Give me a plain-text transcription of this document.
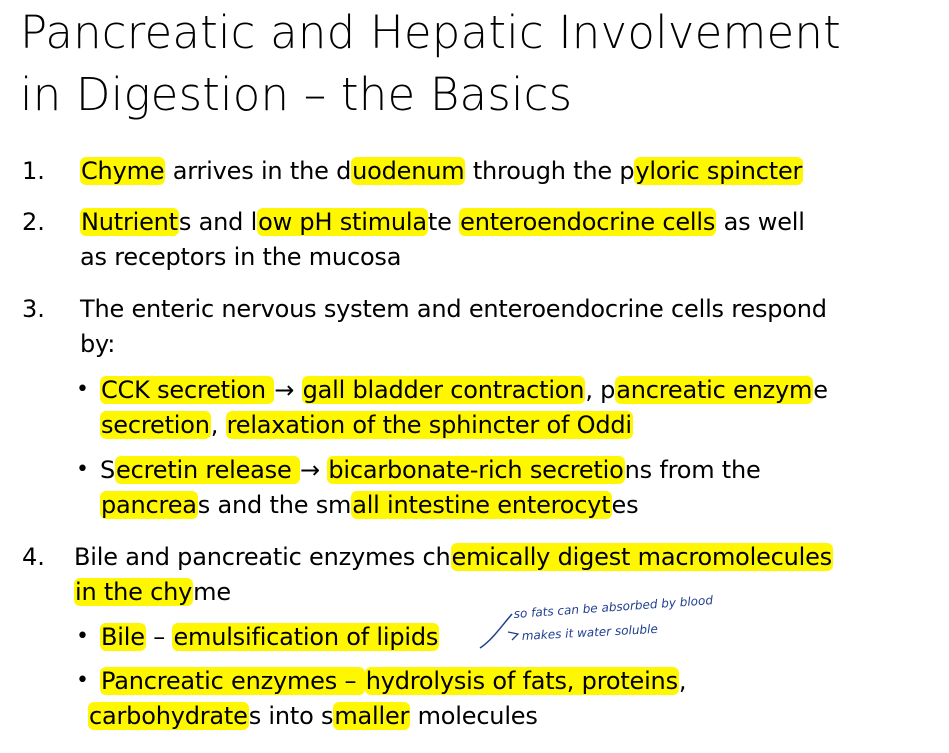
Pancreatic and Hepatic Involvement
in Digestion – the Basics
1. Chyme arrives in the duodenum through the pyloric spincter
2. Nutrients and low pH stimulate enteroendocrine cells as well
as receptors in the mucosa
3. The enteric nervous system and enteroendocrine cells respond
by:
• CCK secretion → gall bladder contraction, pancreatic enzyme
secretion, relaxation of the sphincter of Oddi
• Secretin release → bicarbonate-rich secretions from the
pancreas and the small intestine enterocytes
4. Bile and pancreatic enzymes chemically digest macromolecules
in the chyme
• Bile – emulsification of lipids
• Pancreatic enzymes – hydrolysis of fats, proteins,
carbohydrates into smaller molecules
so fats can be absorbed by blood
makes it water soluble
